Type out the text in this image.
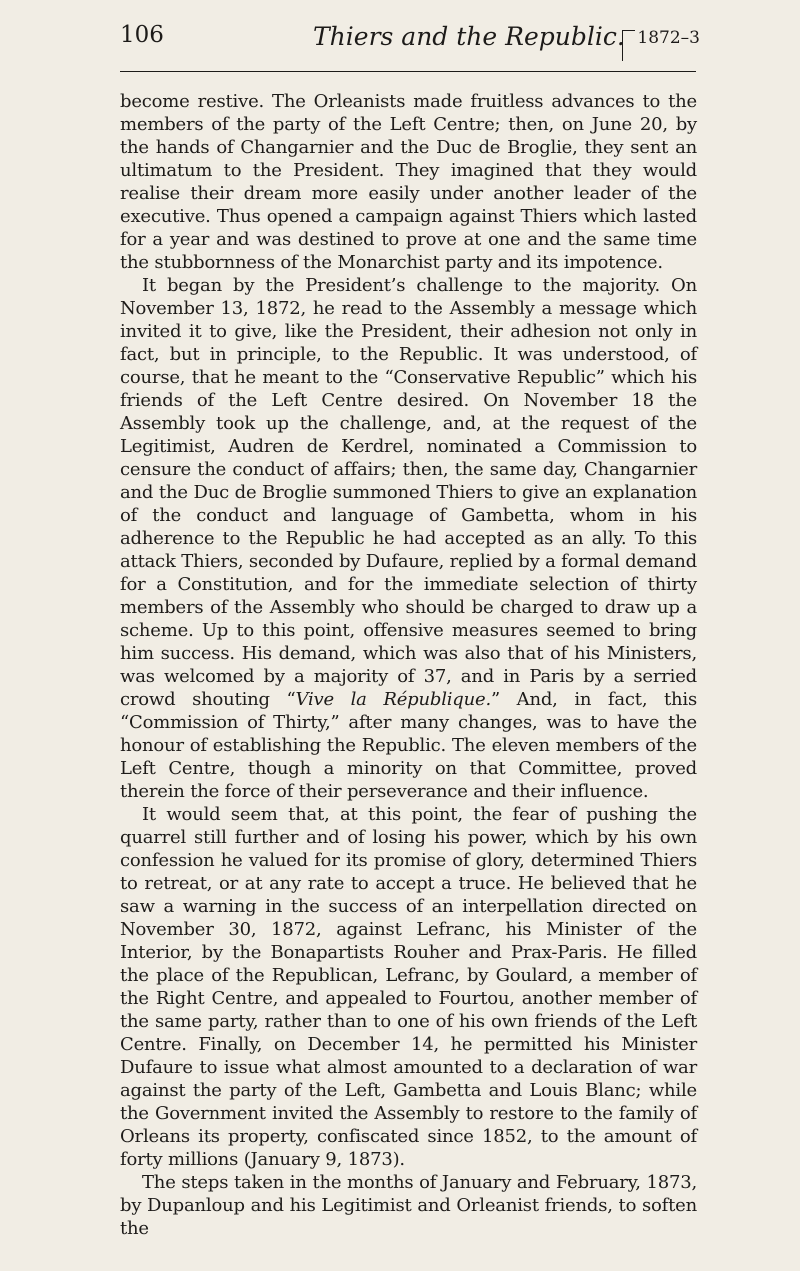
106	Thiers and the Republic. 1872–3

become restive. The Orleanists made fruitless advances to the members of the party of the Left Centre; then, on June 20, by the hands of Changarnier and the Duc de Broglie, they sent an ultimatum to the President. They imagined that they would realise their dream more easily under another leader of the executive. Thus opened a campaign against Thiers which lasted for a year and was destined to prove at one and the same time the stubbornness of the Monarchist party and its impotence.

It began by the President’s challenge to the majority. On November 13, 1872, he read to the Assembly a message which invited it to give, like the President, their adhesion not only in fact, but in principle, to the Republic. It was understood, of course, that he meant to the “Conservative Republic” which his friends of the Left Centre desired. On November 18 the Assembly took up the challenge, and, at the request of the Legitimist, Audren de Kerdrel, nominated a Commission to censure the conduct of affairs; then, the same day, Changarnier and the Duc de Broglie summoned Thiers to give an explanation of the conduct and language of Gambetta, whom in his adherence to the Republic he had accepted as an ally. To this attack Thiers, seconded by Dufaure, replied by a formal demand for a Constitution, and for the immediate selection of thirty members of the Assembly who should be charged to draw up a scheme. Up to this point, offensive measures seemed to bring him success. His demand, which was also that of his Ministers, was welcomed by a majority of 37, and in Paris by a serried crowd shouting “Vive la République.” And, in fact, this “Commission of Thirty,” after many changes, was to have the honour of establishing the Republic. The eleven members of the Left Centre, though a minority on that Committee, proved therein the force of their perseverance and their influence.

It would seem that, at this point, the fear of pushing the quarrel still further and of losing his power, which by his own confession he valued for its promise of glory, determined Thiers to retreat, or at any rate to accept a truce. He believed that he saw a warning in the success of an interpellation directed on November 30, 1872, against Lefranc, his Minister of the Interior, by the Bonapartists Rouher and Prax-Paris. He filled the place of the Republican, Lefranc, by Goulard, a member of the Right Centre, and appealed to Fourtou, another member of the same party, rather than to one of his own friends of the Left Centre. Finally, on December 14, he permitted his Minister Dufaure to issue what almost amounted to a declaration of war against the party of the Left, Gambetta and Louis Blanc; while the Government invited the Assembly to restore to the family of Orleans its property, confiscated since 1852, to the amount of forty millions (January 9, 1873).

The steps taken in the months of January and February, 1873, by Dupanloup and his Legitimist and Orleanist friends, to soften the
